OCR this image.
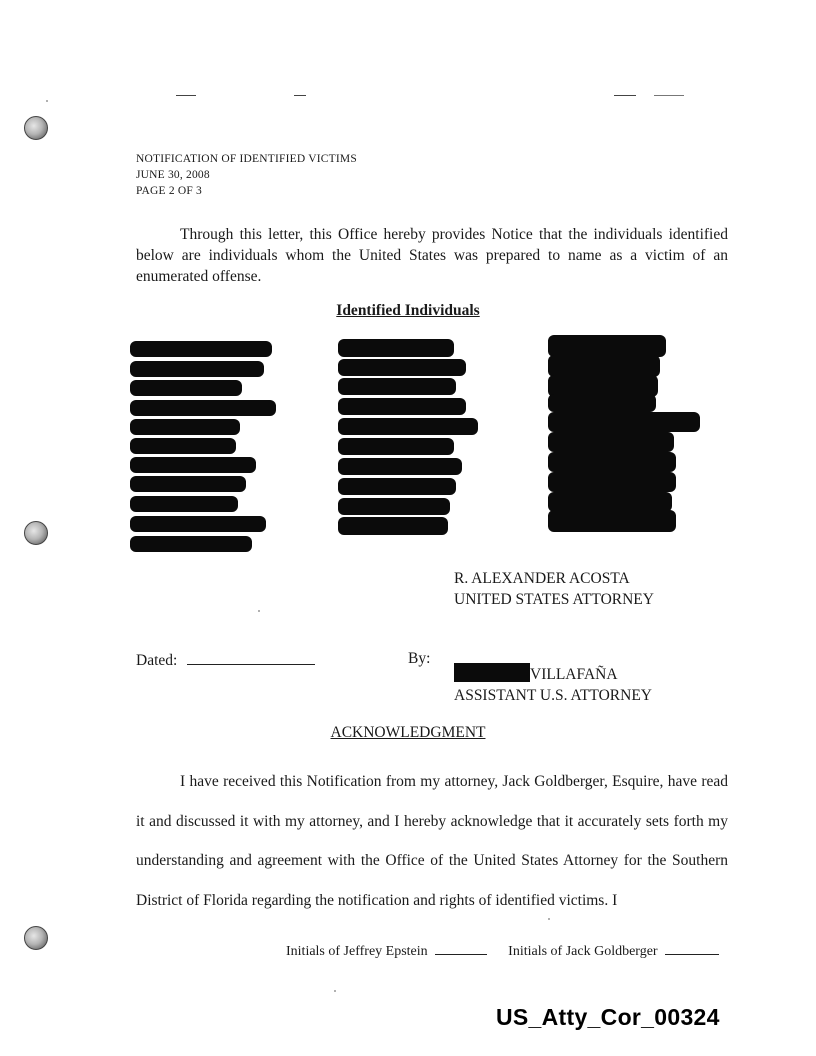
NOTIFICATION OF IDENTIFIED VICTIMS
JUNE 30, 2008
PAGE 2 OF 3
Through this letter, this Office hereby provides Notice that the individuals identified below are individuals whom the United States was prepared to name as a victim of an enumerated offense.
Identified Individuals
R. ALEXANDER ACOSTA
UNITED STATES ATTORNEY
Dated:	By:
VILLAFAÑA
ASSISTANT U.S. ATTORNEY
ACKNOWLEDGMENT
I have received this Notification from my attorney, Jack Goldberger, Esquire, have read it and discussed it with my attorney, and I hereby acknowledge that it accurately sets forth my understanding and agreement with the Office of the United States Attorney for the Southern District of Florida regarding the notification and rights of identified victims. I
Initials of Jeffrey Epstein	Initials of Jack Goldberger
US_Atty_Cor_00324
